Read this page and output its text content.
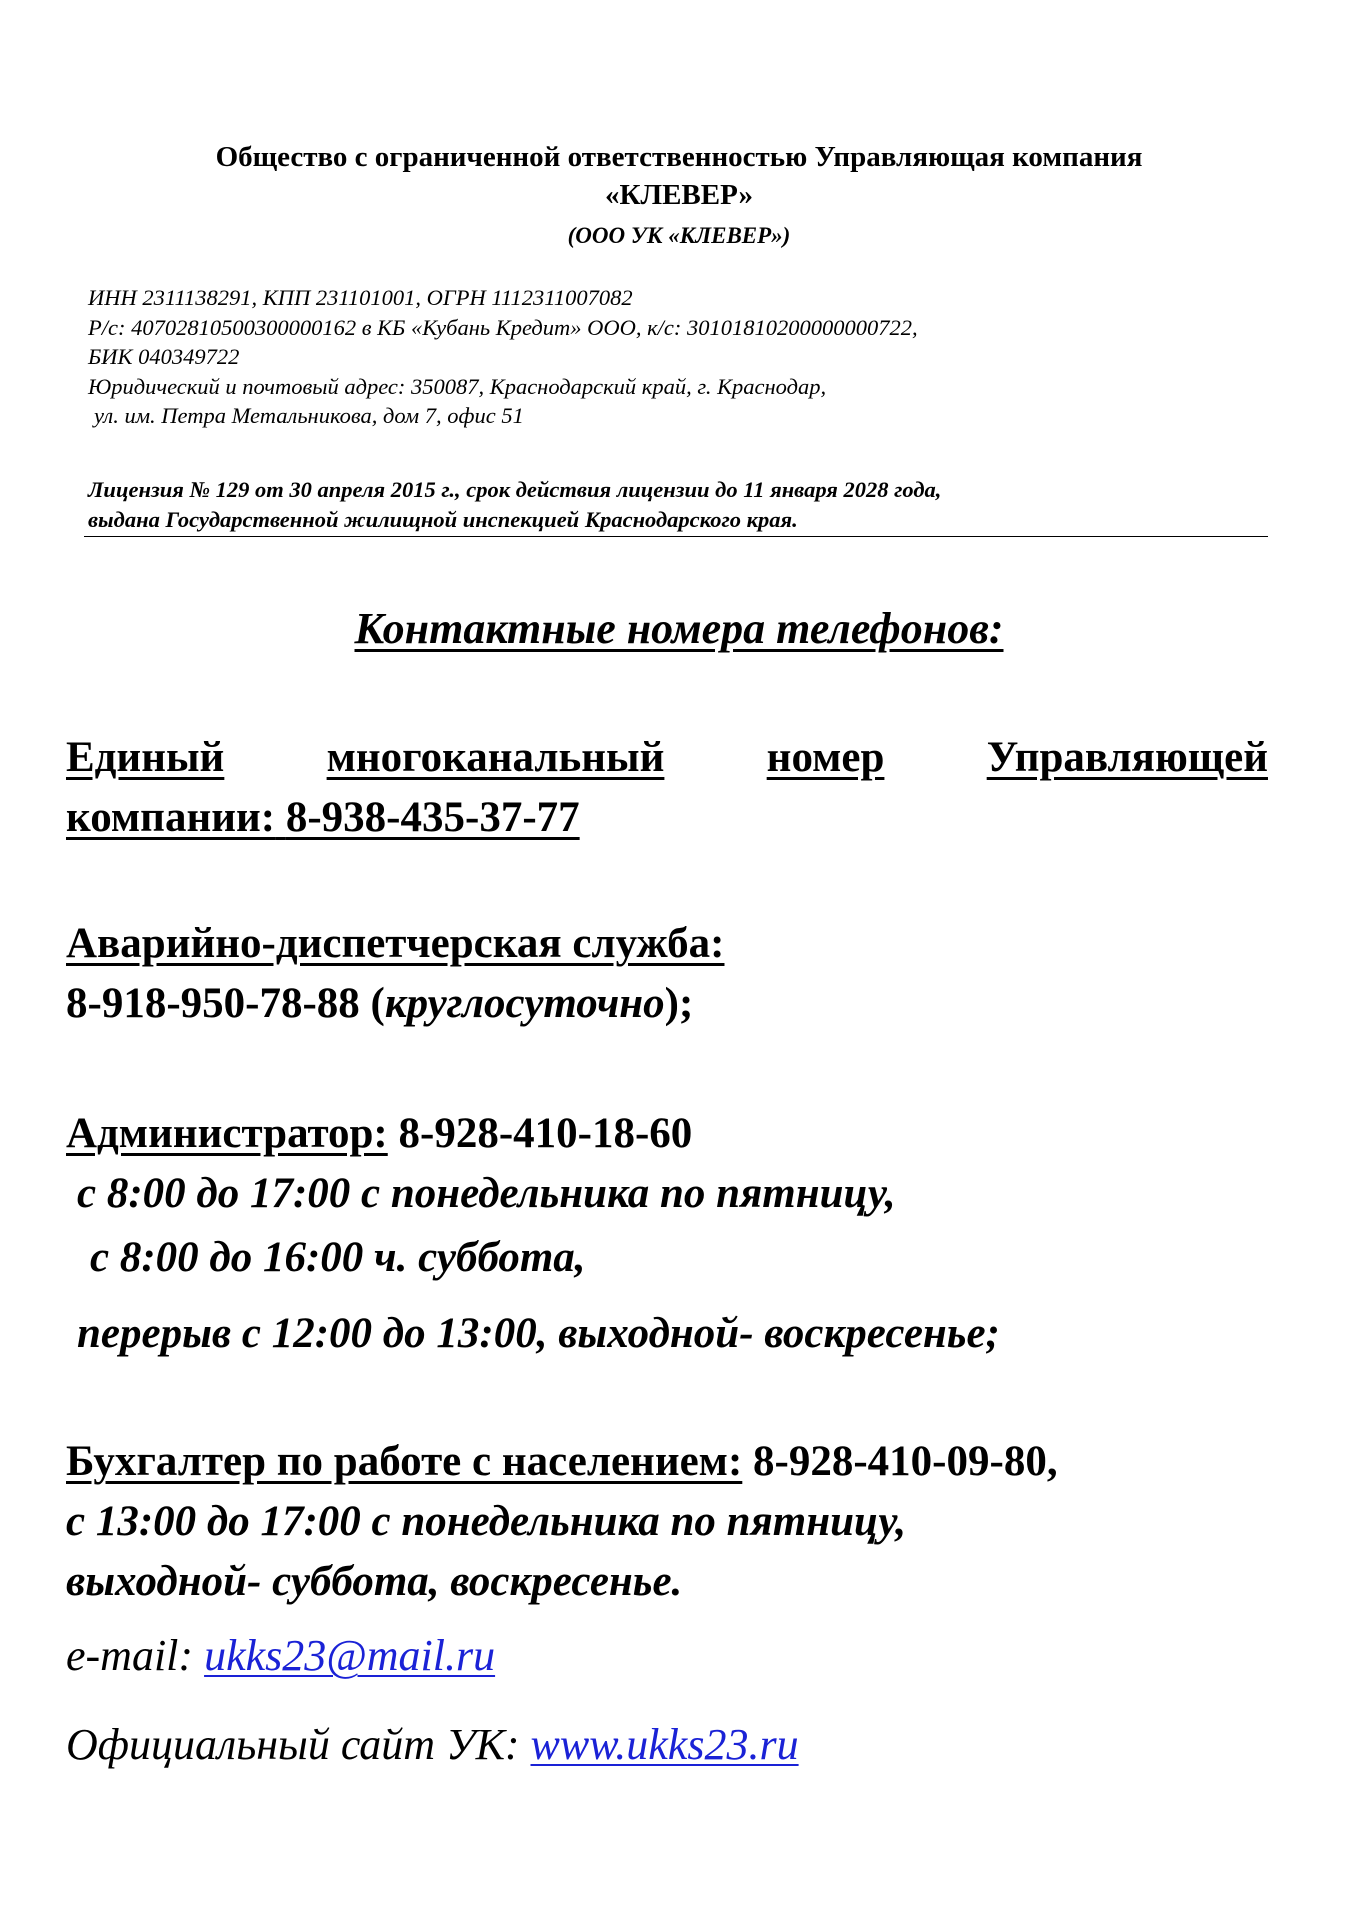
Общество с ограниченной ответственностью Управляющая компания
«КЛЕВЕР»
(ООО УК «КЛЕВЕР»)
ИНН 2311138291, КПП 231101001, ОГРН 1112311007082
Р/с: 40702810500300000162 в КБ «Кубань Кредит» ООО, к/с: 30101810200000000722,
БИК 040349722
Юридический и почтовый адрес: 350087, Краснодарский край, г. Краснодар,
ул. им. Петра Метальникова, дом 7, офис 51
Лицензия № 129 от 30 апреля 2015 г., срок действия лицензии до 11 января 2028 года,
выдана Государственной жилищной инспекцией Краснодарского края.
Контактные номера телефонов:
Единый многоканальный номер Управляющей
компании: 8-938-435-37-77
Аварийно-диспетчерская служба:
8-918-950-78-88 (круглосуточно);
Администратор: 8-928-410-18-60
с 8:00 до 17:00 с понедельника по пятницу,
с 8:00 до 16:00 ч. суббота,
перерыв с 12:00 до 13:00, выходной- воскресенье;
Бухгалтер по работе с населением: 8-928-410-09-80,
с 13:00 до 17:00 с понедельника по пятницу,
выходной- суббота, воскресенье.
e-mail: ukks23@mail.ru
Официальный сайт УК: www.ukks23.ru
